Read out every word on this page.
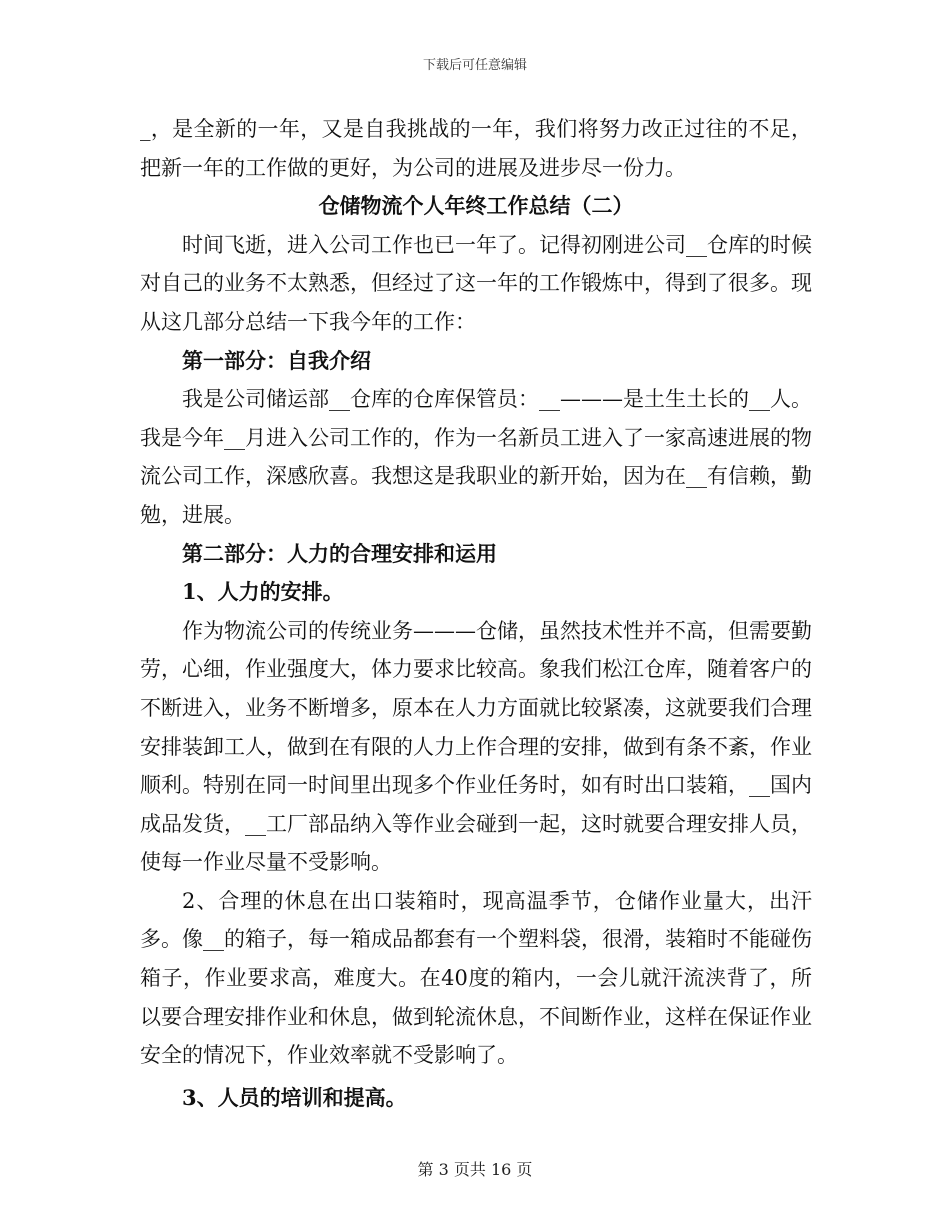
下载后可任意编辑

_，是全新的一年，又是自我挑战的一年，我们将努力改正过往的不足，把新一年的工作做的更好，为公司的进展及进步尽一份力。

仓储物流个人年终工作总结（二）

时间飞逝，进入公司工作也已一年了。记得初刚进公司__仓库的时候对自己的业务不太熟悉，但经过了这一年的工作锻炼中，得到了很多。现从这几部分总结一下我今年的工作：

第一部分：自我介绍

我是公司储运部__仓库的仓库保管员：__———是土生土长的__人。我是今年__月进入公司工作的，作为一名新员工进入了一家高速进展的物流公司工作，深感欣喜。我想这是我职业的新开始，因为在__有信赖，勤勉，进展。

第二部分：人力的合理安排和运用

1、人力的安排。

作为物流公司的传统业务———仓储，虽然技术性并不高，但需要勤劳，心细，作业强度大，体力要求比较高。象我们松江仓库，随着客户的不断进入，业务不断增多，原本在人力方面就比较紧凑，这就要我们合理安排装卸工人，做到在有限的人力上作合理的安排，做到有条不紊，作业顺利。特别在同一时间里出现多个作业任务时，如有时出口装箱，__国内成品发货，__工厂部品纳入等作业会碰到一起，这时就要合理安排人员，使每一作业尽量不受影响。

2、合理的休息在出口装箱时，现高温季节，仓储作业量大，出汗多。像__的箱子，每一箱成品都套有一个塑料袋，很滑，装箱时不能碰伤箱子，作业要求高，难度大。在40度的箱内，一会儿就汗流浃背了，所以要合理安排作业和休息，做到轮流休息，不间断作业，这样在保证作业安全的情况下，作业效率就不受影响了。

3、人员的培训和提高。

第 3 页共 16 页
